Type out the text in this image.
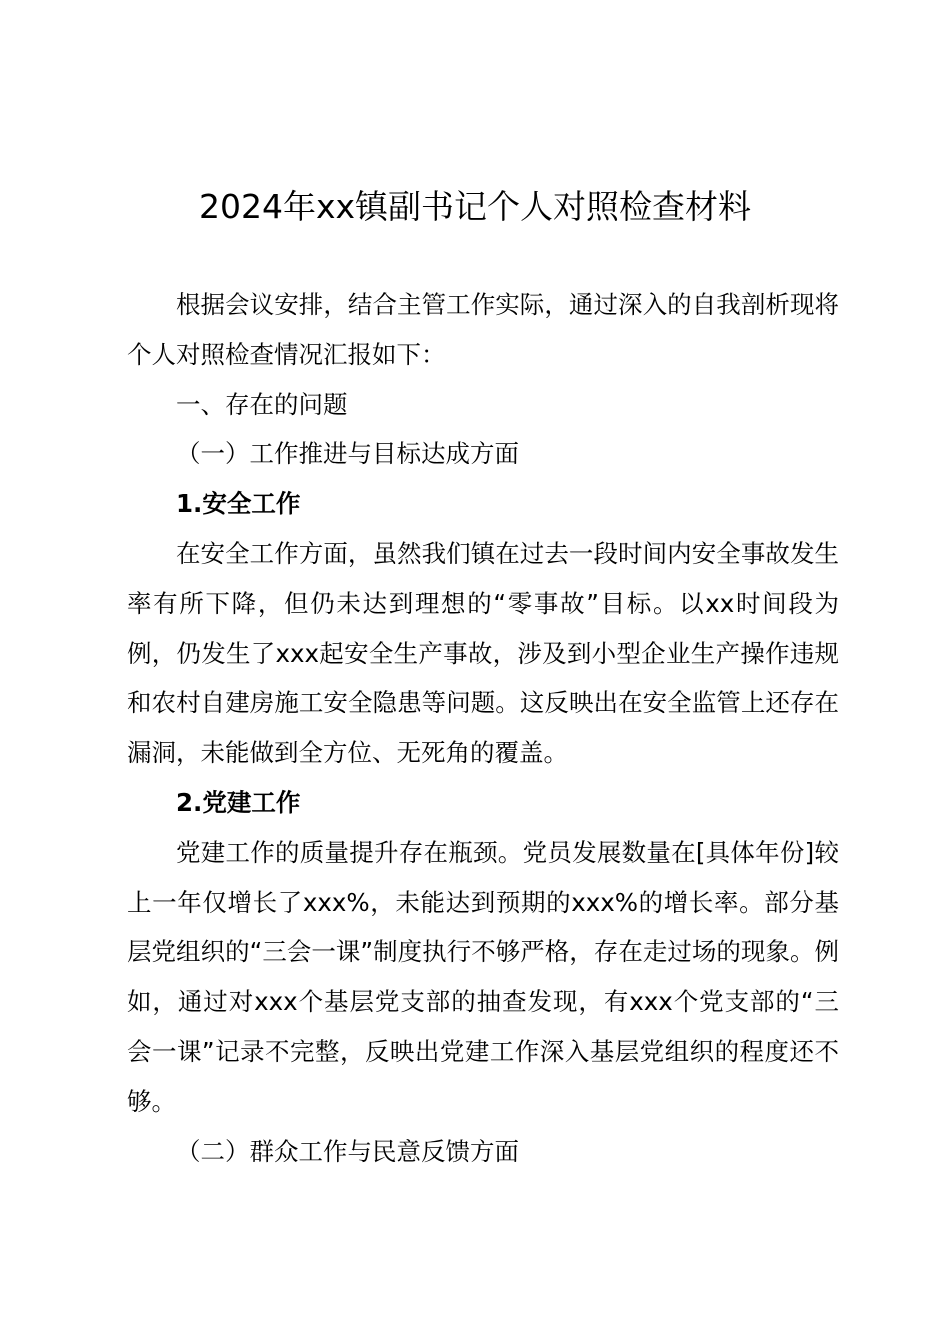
2024年xx镇副书记个人对照检查材料

根据会议安排，结合主管工作实际，通过深入的自我剖析现将个人对照检查情况汇报如下：

一、存在的问题

（一）工作推进与目标达成方面

1.安全工作

在安全工作方面，虽然我们镇在过去一段时间内安全事故发生率有所下降，但仍未达到理想的“零事故”目标。以xx时间段为例，仍发生了xxx起安全生产事故，涉及到小型企业生产操作违规和农村自建房施工安全隐患等问题。这反映出在安全监管上还存在漏洞，未能做到全方位、无死角的覆盖。

2.党建工作

党建工作的质量提升存在瓶颈。党员发展数量在[具体年份]较上一年仅增长了xxx%，未能达到预期的xxx%的增长率。部分基层党组织的“三会一课”制度执行不够严格，存在走过场的现象。例如，通过对xxx个基层党支部的抽查发现，有xxx个党支部的“三会一课”记录不完整，反映出党建工作深入基层党组织的程度还不够。

（二）群众工作与民意反馈方面
